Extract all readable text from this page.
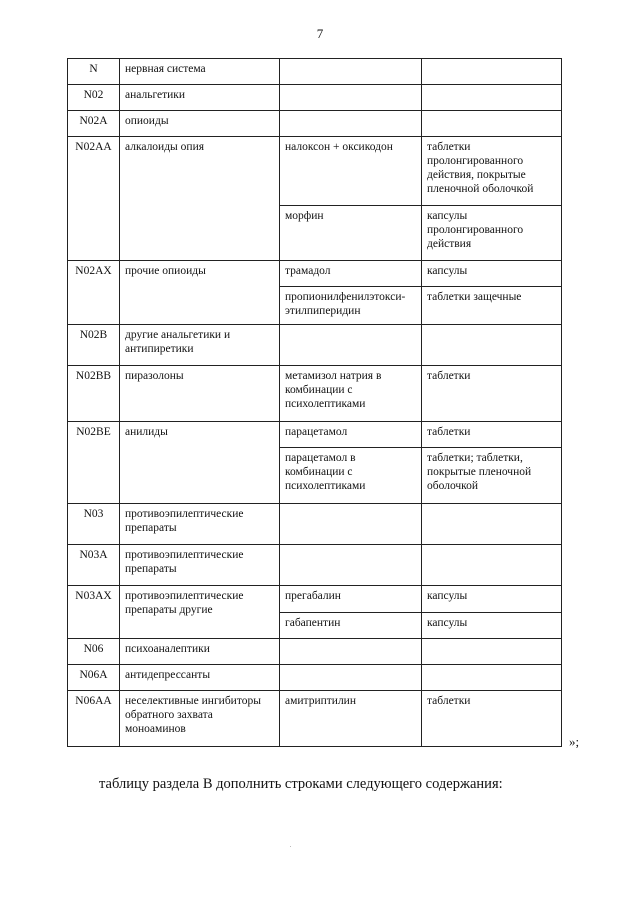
7
N	нервная система		
N02	анальгетики		
N02A	опиоиды		
N02AA	алкалоиды опия	налоксон + оксикодон	таблетки пролонгированного действия, покрытые пленочной оболочкой
		морфин	капсулы пролонгированного действия
N02AX	прочие опиоиды	трамадол	капсулы
		пропионилфенилэтокси-этилпиперидин	таблетки защечные
N02B	другие анальгетики и антипиретики		
N02BB	пиразолоны	метамизол натрия в комбинации с психолептиками	таблетки
N02BE	анилиды	парацетамол	таблетки
		парацетамол в комбинации с психолептиками	таблетки; таблетки, покрытые пленочной оболочкой
N03	противоэпилептические препараты		
N03A	противоэпилептические препараты		
N03AX	противоэпилептические препараты другие	прегабалин	капсулы
		габапентин	капсулы
N06	психоаналептики		
N06A	антидепрессанты		
N06AA	неселективные ингибиторы обратного захвата моноаминов	амитриптилин	таблетки
»;
таблицу раздела В дополнить строками следующего содержания:
